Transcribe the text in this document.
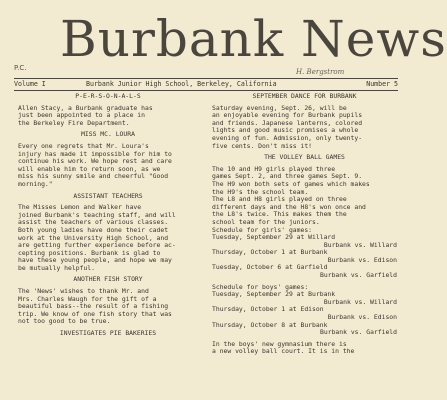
Burbank News
P.C.	H. Bergstrom
Volume I	Burbank Junior High School, Berkeley, California	Number 5
P-E-R-S-O-N-A-L-S
Allen Stacy, a Burbank graduate has
just been appointed to a place in
the Berkeley Fire Department.
MISS MC. LOURA
Every one regrets that Mr. Loura's
injury has made it impossible for him to
continue his work. We hope rest and care
will enable him to return soon, as we
miss his sunny smile and cheerful "Good
morning."
ASSISTANT TEACHERS
The Misses Lemon and Walker have
joined Burbank's teaching staff, and will
assist the teachers of various classes.
Both young ladies have done their cadet
work at the University High School, and
are getting further experience before ac-
cepting positions. Burbank is glad to
have these young people, and hope we may
be mutually helpful.
ANOTHER FISH STORY
The 'News' wishes to thank Mr. and
Mrs. Charles Waugh for the gift of a
beautiful bass--the result of a fishing
trip. We know of one fish story that was
not too good to be true.
INVESTIGATES PIE BAKERIES
SEPTEMBER DANCE FOR BURBANK
Saturday evening, Sept. 26, will be
an enjoyable evening for Burbank pupils
and friends. Japanese lanterns, colored
lights and good music promises a whole
evening of fun. Admission, only twenty-
five cents. Don't miss it!
THE VOLLEY BALL GAMES
The 10 and H9 girls played three
games Sept. 2, and three games Sept. 9.
The H9 won both sets of games which makes
the H9's the school team.
The L8 and H8 girls played on three
different days and the H8's won once and
the L8's twice. This makes them the
school team for the juniors.
Schedule for girls' games:
Tuesday, September 29 at Willard
Burbank vs. Willard
Thursday, October 1 at Burbank
Burbank vs. Edison
Tuesday, October 6 at Garfield
Burbank vs. Garfield
Schedule for boys' games:
Tuesday, September 29 at Burbank
Burbank vs. Willard
Thursday, October 1 at Edison
Burbank vs. Edison
Thursday, October 8 at Burbank
Burbank vs. Garfield
In the boys' new gymnasium there is
a new volley ball court. It is in the
